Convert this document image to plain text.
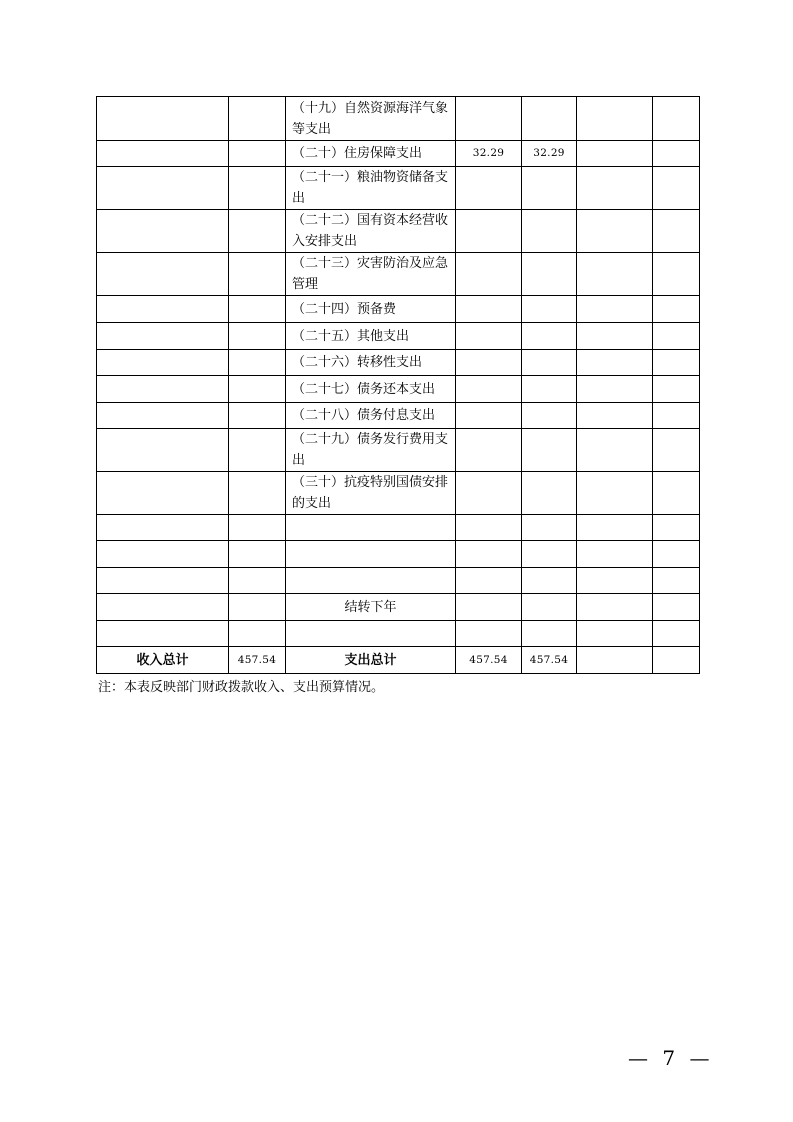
		（十九）自然资源海洋气象等支出				
		（二十）住房保障支出	32.29	32.29		
		（二十一）粮油物资储备支出				
		（二十二）国有资本经营收入安排支出				
		（二十三）灾害防治及应急管理				
		（二十四）预备费				
		（二十五）其他支出				
		（二十六）转移性支出				
		（二十七）债务还本支出				
		（二十八）债务付息支出				
		（二十九）债务发行费用支出				
		（三十）抗疫特别国债安排的支出				

		结转下年				

收入总计	457.54	支出总计	457.54	457.54		
注：本表反映部门财政拨款收入、支出预算情况。
— 7 —
